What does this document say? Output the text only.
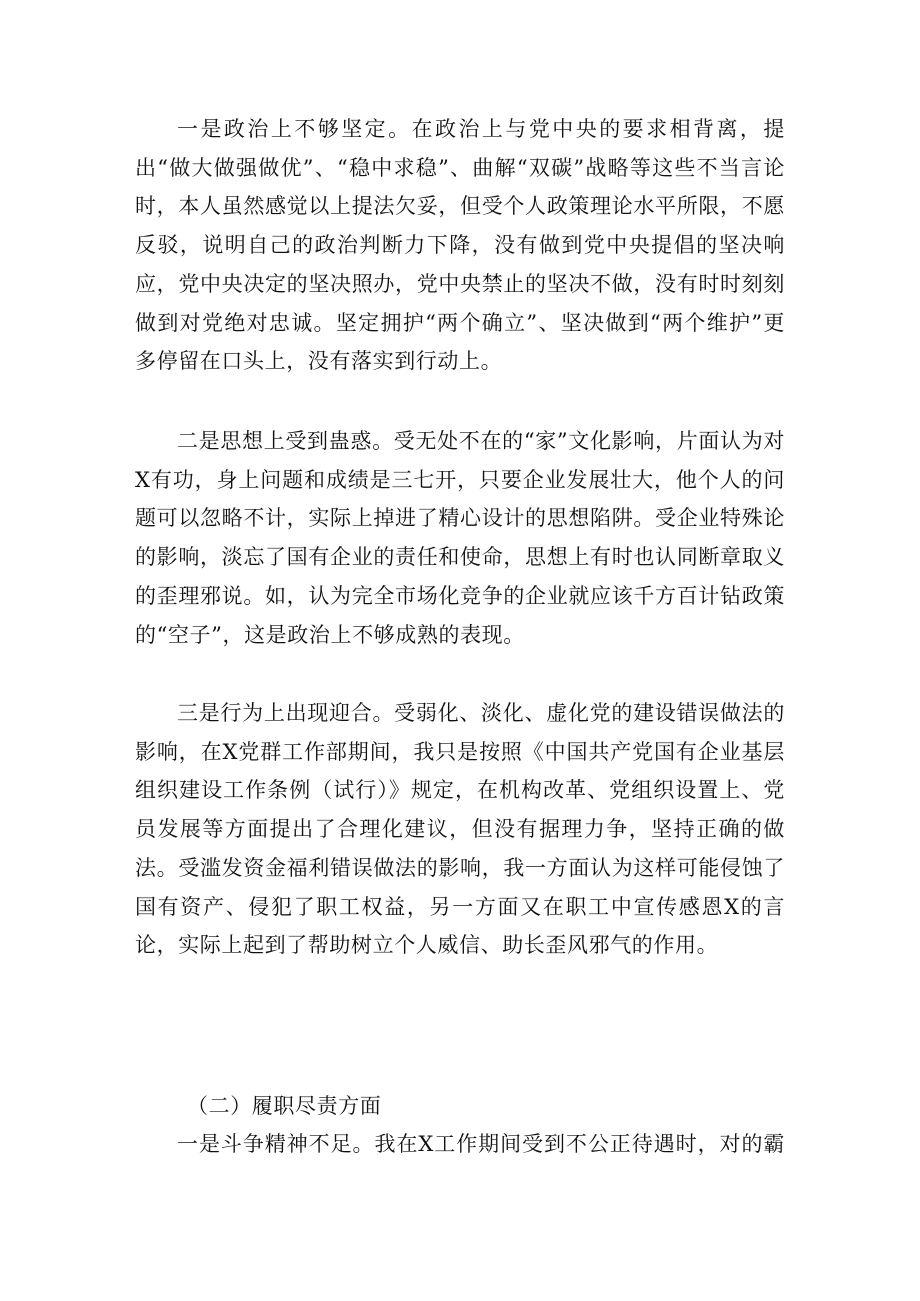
一是政治上不够坚定。在政治上与党中央的要求相背离，提出“做大做强做优”、“稳中求稳”、曲解“双碳”战略等这些不当言论时，本人虽然感觉以上提法欠妥，但受个人政策理论水平所限，不愿反驳，说明自己的政治判断力下降，没有做到党中央提倡的坚决响应，党中央决定的坚决照办，党中央禁止的坚决不做，没有时时刻刻做到对党绝对忠诚。坚定拥护“两个确立”、坚决做到“两个维护”更多停留在口头上，没有落实到行动上。

二是思想上受到蛊惑。受无处不在的“家”文化影响，片面认为对X有功，身上问题和成绩是三七开，只要企业发展壮大，他个人的问题可以忽略不计，实际上掉进了精心设计的思想陷阱。受企业特殊论的影响，淡忘了国有企业的责任和使命，思想上有时也认同断章取义的歪理邪说。如，认为完全市场化竞争的企业就应该千方百计钻政策的“空子”，这是政治上不够成熟的表现。

三是行为上出现迎合。受弱化、淡化、虚化党的建设错误做法的影响，在X党群工作部期间，我只是按照《中国共产党国有企业基层组织建设工作条例（试行）》规定，在机构改革、党组织设置上、党员发展等方面提出了合理化建议，但没有据理力争，坚持正确的做法。受滥发资金福利错误做法的影响，我一方面认为这样可能侵蚀了国有资产、侵犯了职工权益，另一方面又在职工中宣传感恩X的言论，实际上起到了帮助树立个人威信、助长歪风邪气的作用。

（二）履职尽责方面

一是斗争精神不足。我在X工作期间受到不公正待遇时，对的霸
